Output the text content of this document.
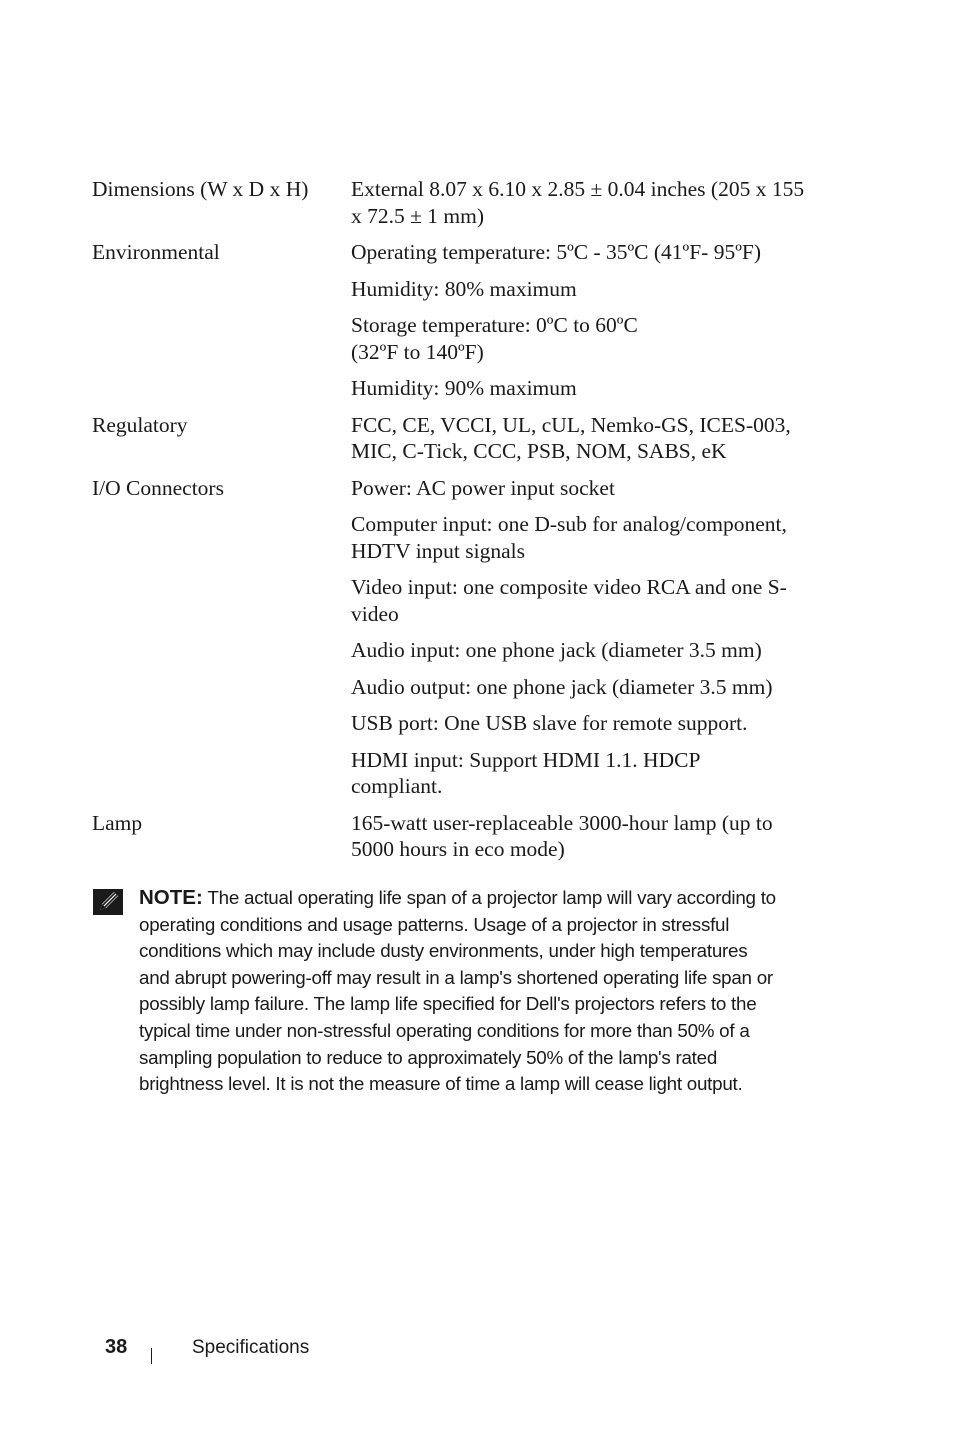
Dimensions (W x D x H)	External 8.07 x 6.10 x 2.85 ± 0.04 inches (205 x 155
x 72.5 ± 1 mm)
Environmental	Operating temperature: 5ºC - 35ºC (41ºF- 95ºF)
Humidity: 80% maximum
Storage temperature: 0ºC to 60ºC
(32ºF to 140ºF)
Humidity: 90% maximum
Regulatory	FCC, CE, VCCI, UL, cUL, Nemko-GS, ICES-003,
MIC, C-Tick, CCC, PSB, NOM, SABS, eK
I/O Connectors	Power: AC power input socket
Computer input: one D-sub for analog/component,
HDTV input signals
Video input: one composite video RCA and one S-
video
Audio input: one phone jack (diameter 3.5 mm)
Audio output: one phone jack (diameter 3.5 mm)
USB port: One USB slave for remote support.
HDMI input: Support HDMI 1.1. HDCP
compliant.
Lamp	165-watt user-replaceable 3000-hour lamp (up to
5000 hours in eco mode)
NOTE: The actual operating life span of a projector lamp will vary according to
operating conditions and usage patterns. Usage of a projector in stressful
conditions which may include dusty environments, under high temperatures
and abrupt powering-off may result in a lamp's shortened operating life span or
possibly lamp failure. The lamp life specified for Dell's projectors refers to the
typical time under non-stressful operating conditions for more than 50% of a
sampling population to reduce to approximately 50% of the lamp's rated
brightness level. It is not the measure of time a lamp will cease light output.
38	Specifications
